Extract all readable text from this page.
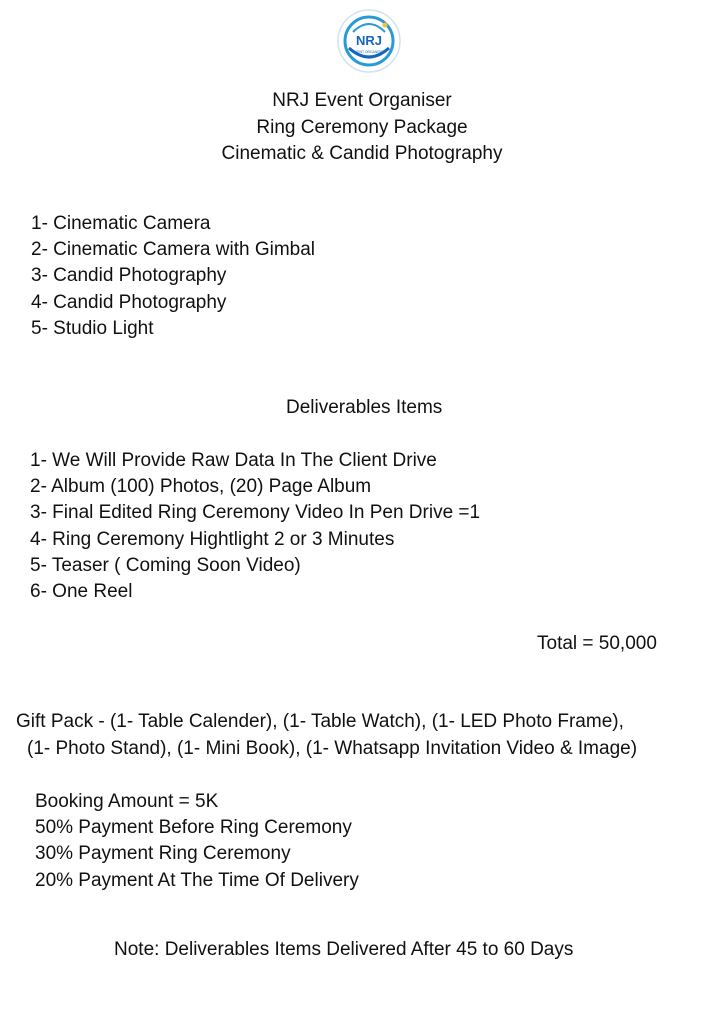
NRJ
EVENT ORGANISER
NRJ Event Organiser
Ring Ceremony Package
Cinematic & Candid Photography
1- Cinematic Camera
2- Cinematic Camera with Gimbal
3- Candid Photography
4- Candid Photography
5- Studio Light
Deliverables Items
1- We Will Provide Raw Data In The Client Drive
2- Album (100) Photos, (20) Page Album
3- Final Edited Ring Ceremony Video In Pen Drive =1
4- Ring Ceremony Hightlight 2 or 3 Minutes
5- Teaser ( Coming Soon Video)
6- One Reel
Total = 50,000
Gift Pack - (1- Table Calender), (1- Table Watch), (1- LED Photo Frame),
(1- Photo Stand), (1- Mini Book), (1- Whatsapp Invitation Video & Image)
Booking Amount = 5K
50% Payment Before Ring Ceremony
30% Payment Ring Ceremony
20% Payment At The Time Of Delivery
Note: Deliverables Items Delivered After 45 to 60 Days
